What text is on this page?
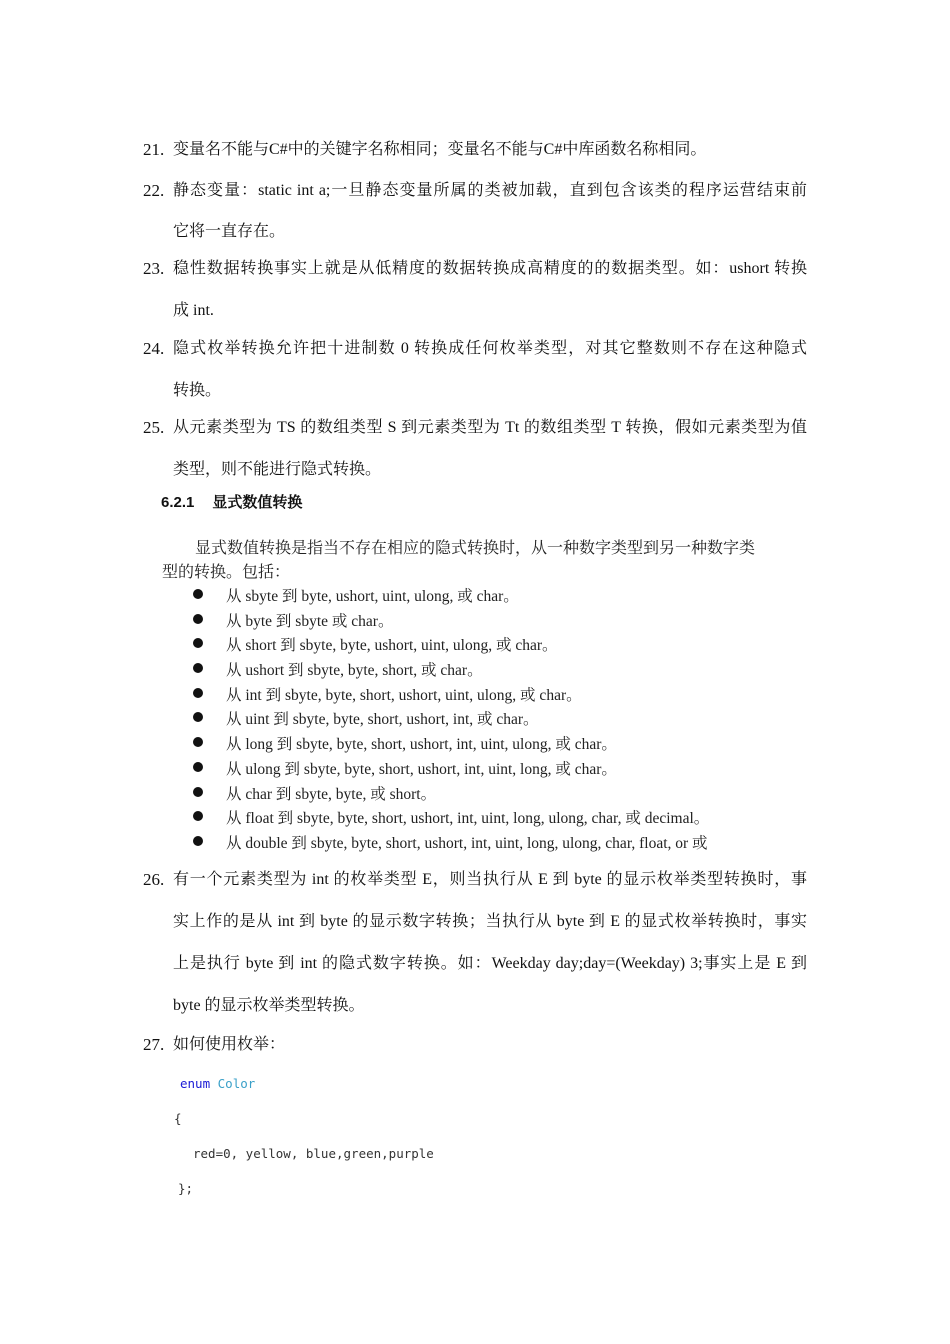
21. 变量名不能与C#中的关键字名称相同；变量名不能与C#中库函数名称相同。
22. 静态变量：static int a;一旦静态变量所属的类被加载，直到包含该类的程序运营结束前
它将一直存在。
23. 稳性数据转换事实上就是从低精度的数据转换成高精度的的数据类型。如：ushort 转换
成 int.
24. 隐式枚举转换允许把十进制数 0 转换成任何枚举类型，对其它整数则不存在这种隐式
转换。
25. 从元素类型为 TS 的数组类型 S 到元素类型为 Tt 的数组类型 T 转换，假如元素类型为值
类型，则不能进行隐式转换。
6.2.1 显式数值转换
显式数值转换是指当不存在相应的隐式转换时，从一种数字类型到另一种数字类
型的转换。包括：
从 sbyte 到 byte, ushort, uint, ulong, 或 char。
从 byte 到 sbyte 或 char。
从 short 到 sbyte, byte, ushort, uint, ulong, 或 char。
从 ushort 到 sbyte, byte, short, 或 char。
从 int 到 sbyte, byte, short, ushort, uint, ulong, 或 char。
从 uint 到 sbyte, byte, short, ushort, int, 或 char。
从 long 到 sbyte, byte, short, ushort, int, uint, ulong, 或 char。
从 ulong 到 sbyte, byte, short, ushort, int, uint, long, 或 char。
从 char 到 sbyte, byte, 或 short。
从 float 到 sbyte, byte, short, ushort, int, uint, long, ulong, char, 或 decimal。
从 double 到 sbyte, byte, short, ushort, int, uint, long, ulong, char, float, or 或
26. 有一个元素类型为 int 的枚举类型 E，则当执行从 E 到 byte 的显示枚举类型转换时，事
实上作的是从 int 到 byte 的显示数字转换；当执行从 byte 到 E 的显式枚举转换时，事实
上是执行 byte 到 int 的隐式数字转换。如：Weekday day;day=(Weekday) 3;事实上是 E 到
byte 的显示枚举类型转换。
27. 如何使用枚举：
enum Color
{
red=0, yellow, blue,green,purple
};
